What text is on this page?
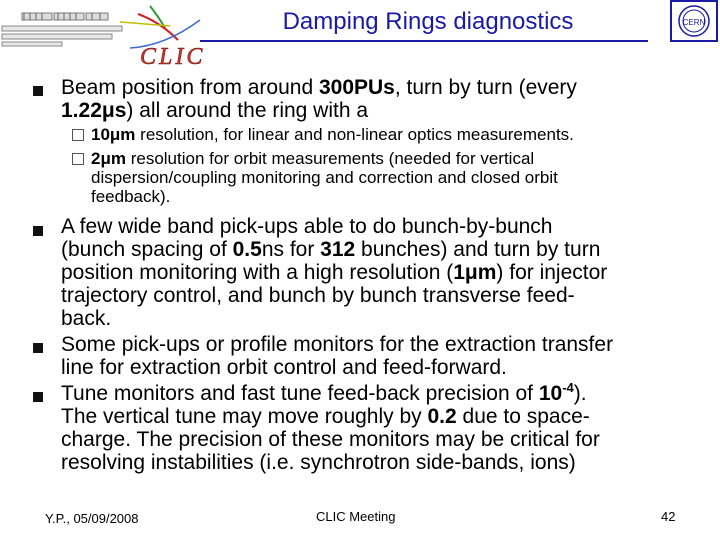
CLIC
Damping Rings diagnostics	CERN
Beam position from around 300PUs, turn by turn (every
1.22μs) all around the ring with a
10μm resolution, for linear and non-linear optics measurements.
2μm resolution for orbit measurements (needed for vertical
dispersion/coupling monitoring and correction and closed orbit
feedback).
A few wide band pick-ups able to do bunch-by-bunch
(bunch spacing of 0.5ns for 312 bunches) and turn by turn
position monitoring with a high resolution (1μm) for injector
trajectory control, and bunch by bunch transverse feed-
back.
Some pick-ups or profile monitors for the extraction transfer
line for extraction orbit control and feed-forward.
Tune monitors and fast tune feed-back precision of $10^{-4}$).
The vertical tune may move roughly by 0.2 due to space-
charge. The precision of these monitors may be critical for
resolving instabilities (i.e. synchrotron side-bands, ions)
Y.P., 05/09/2008	CLIC Meeting	42
